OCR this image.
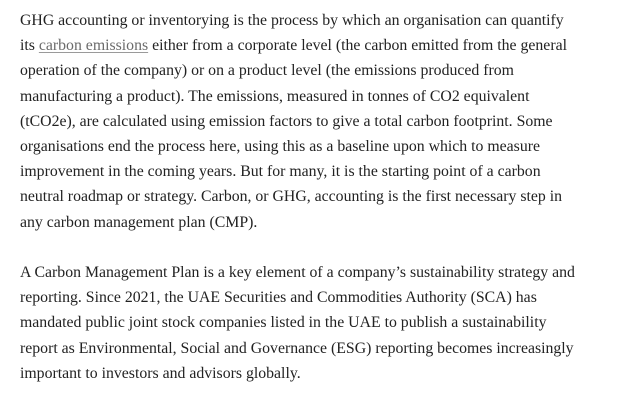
GHG accounting or inventorying is the process by which an organisation can quantify
its carbon emissions either from a corporate level (the carbon emitted from the general
operation of the company) or on a product level (the emissions produced from
manufacturing a product). The emissions, measured in tonnes of CO2 equivalent
(tCO2e), are calculated using emission factors to give a total carbon footprint. Some
organisations end the process here, using this as a baseline upon which to measure
improvement in the coming years. But for many, it is the starting point of a carbon
neutral roadmap or strategy. Carbon, or GHG, accounting is the first necessary step in
any carbon management plan (CMP).

A Carbon Management Plan is a key element of a company’s sustainability strategy and
reporting. Since 2021, the UAE Securities and Commodities Authority (SCA) has
mandated public joint stock companies listed in the UAE to publish a sustainability
report as Environmental, Social and Governance (ESG) reporting becomes increasingly
important to investors and advisors globally.
